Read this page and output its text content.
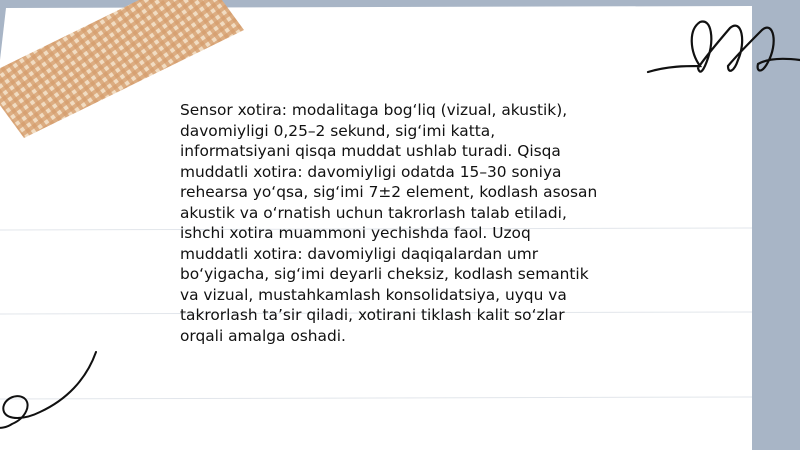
Sensor xotira: modalitaga bog‘liq (vizual, akustik),
davomiyligi 0,25–2 sekund, sig‘imi katta,
informatsiyani qisqa muddat ushlab turadi. Qisqa
muddatli xotira: davomiyligi odatda 15–30 soniya
rehearsa yo‘qsa, sig‘imi 7±2 element, kodlash asosan
akustik va o‘rnatish uchun takrorlash talab etiladi,
ishchi xotira muammoni yechishda faol. Uzoq
muddatli xotira: davomiyligi daqiqalardan umr
bo‘yigacha, sig‘imi deyarli cheksiz, kodlash semantik
va vizual, mustahkamlash konsolidatsiya, uyqu va
takrorlash ta’sir qiladi, xotirani tiklash kalit so‘zlar
orqali amalga oshadi.
